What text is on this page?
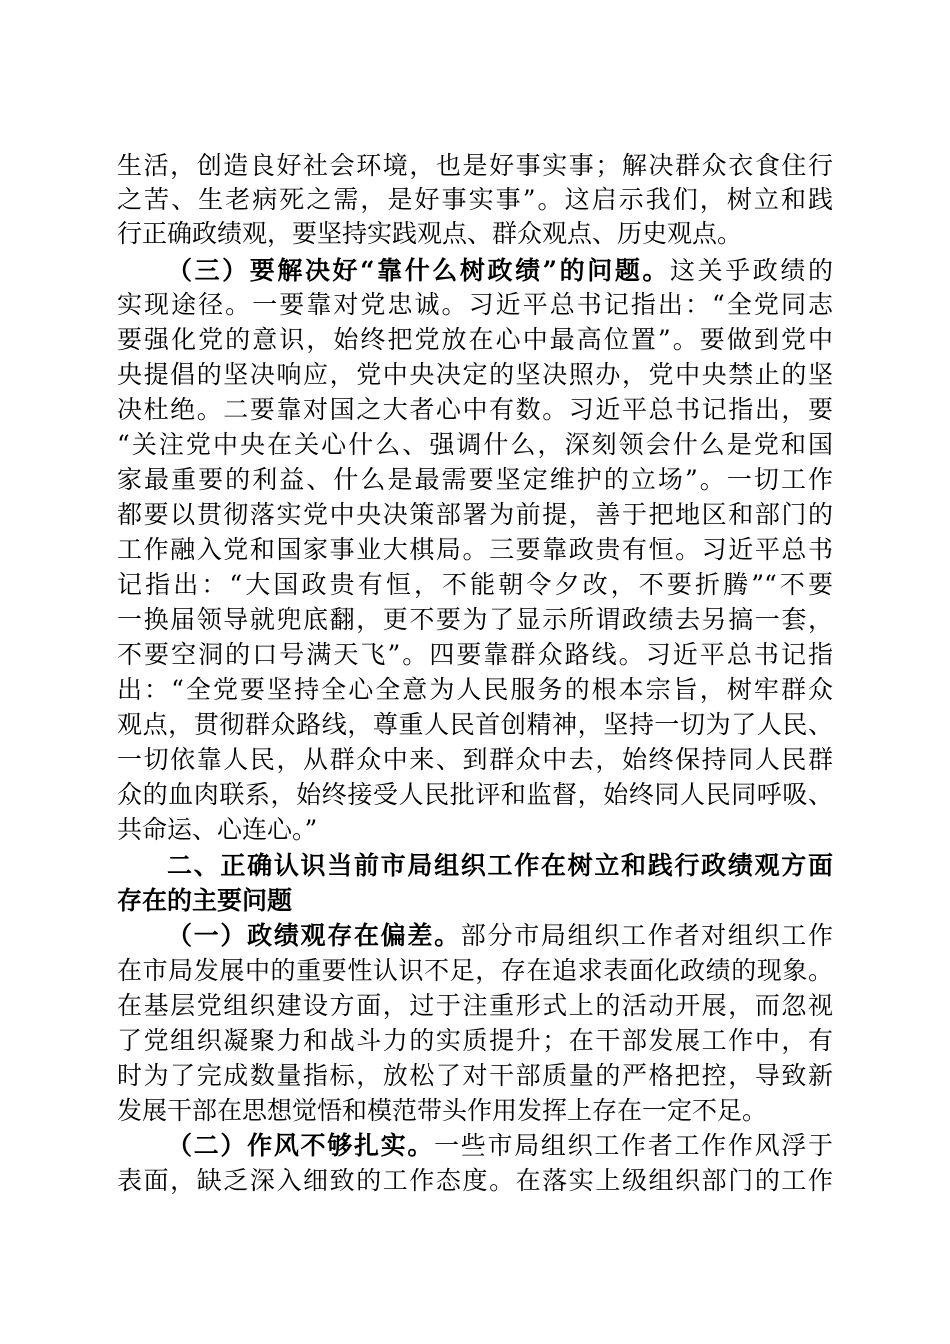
生活，创造良好社会环境，也是好事实事；解决群众衣食住行
之苦、生老病死之需，是好事实事”。这启示我们，树立和践
行正确政绩观，要坚持实践观点、群众观点、历史观点。
（三）要解决好“靠什么树政绩”的问题。这关乎政绩的
实现途径。一要靠对党忠诚。习近平总书记指出：“全党同志
要强化党的意识，始终把党放在心中最高位置”。要做到党中
央提倡的坚决响应，党中央决定的坚决照办，党中央禁止的坚
决杜绝。二要靠对国之大者心中有数。习近平总书记指出，要
“关注党中央在关心什么、强调什么，深刻领会什么是党和国
家最重要的利益、什么是最需要坚定维护的立场”。一切工作
都要以贯彻落实党中央决策部署为前提，善于把地区和部门的
工作融入党和国家事业大棋局。三要靠政贵有恒。习近平总书
记指出：“大国政贵有恒，不能朝令夕改，不要折腾”“不要
一换届领导就兜底翻，更不要为了显示所谓政绩去另搞一套，
不要空洞的口号满天飞”。四要靠群众路线。习近平总书记指
出：“全党要坚持全心全意为人民服务的根本宗旨，树牢群众
观点，贯彻群众路线，尊重人民首创精神，坚持一切为了人民、
一切依靠人民，从群众中来、到群众中去，始终保持同人民群
众的血肉联系，始终接受人民批评和监督，始终同人民同呼吸、
共命运、心连心。”
二、正确认识当前市局组织工作在树立和践行政绩观方面
存在的主要问题
（一）政绩观存在偏差。部分市局组织工作者对组织工作
在市局发展中的重要性认识不足，存在追求表面化政绩的现象。
在基层党组织建设方面，过于注重形式上的活动开展，而忽视
了党组织凝聚力和战斗力的实质提升；在干部发展工作中，有
时为了完成数量指标，放松了对干部质量的严格把控，导致新
发展干部在思想觉悟和模范带头作用发挥上存在一定不足。
（二）作风不够扎实。一些市局组织工作者工作作风浮于
表面，缺乏深入细致的工作态度。在落实上级组织部门的工作
